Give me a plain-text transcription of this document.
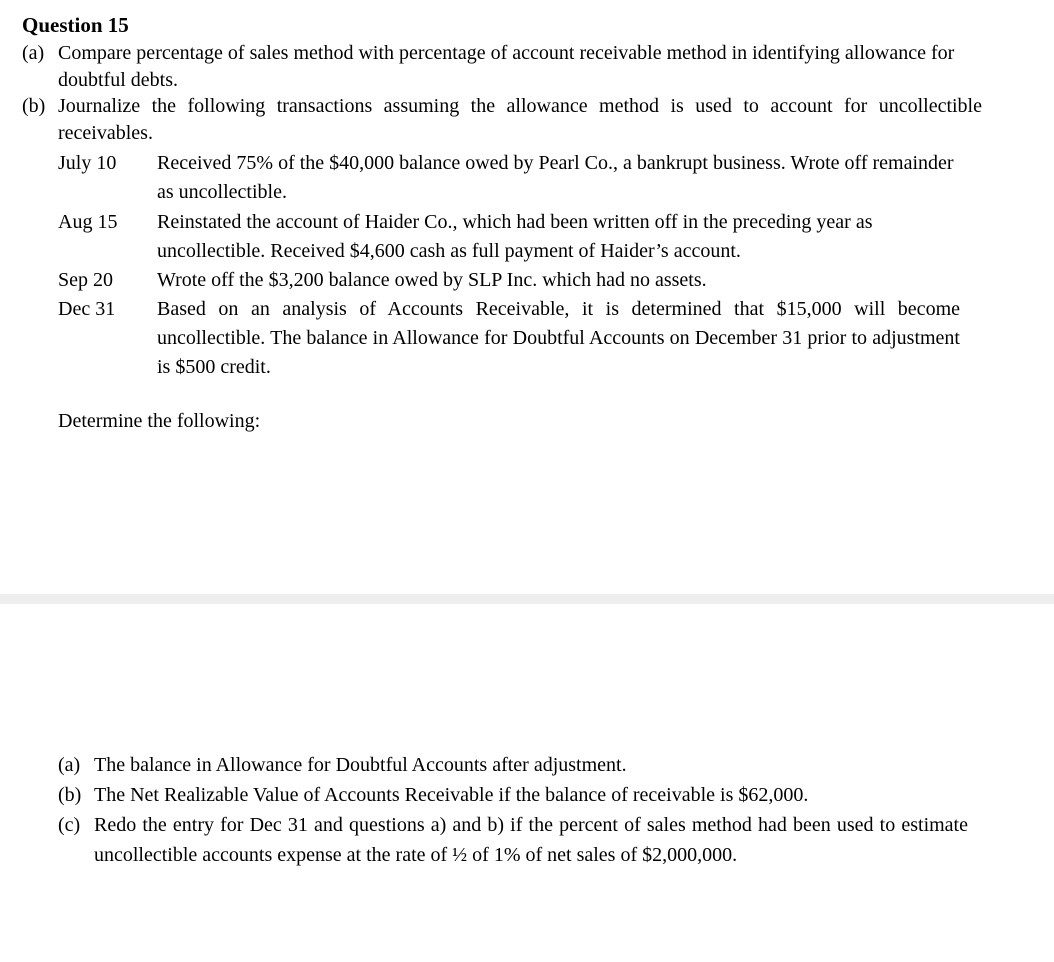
Question 15
(a) Compare percentage of sales method with percentage of account receivable method in identifying allowance for doubtful debts.
(b) Journalize the following transactions assuming the allowance method is used to account for uncollectible receivables.
July 10 Received 75% of the $40,000 balance owed by Pearl Co., a bankrupt business. Wrote off remainder as uncollectible.
Aug 15 Reinstated the account of Haider Co., which had been written off in the preceding year as uncollectible. Received $4,600 cash as full payment of Haider’s account.
Sep 20 Wrote off the $3,200 balance owed by SLP Inc. which had no assets.
Dec 31 Based on an analysis of Accounts Receivable, it is determined that $15,000 will become uncollectible. The balance in Allowance for Doubtful Accounts on December 31 prior to adjustment is $500 credit.
Determine the following:
(a) The balance in Allowance for Doubtful Accounts after adjustment.
(b) The Net Realizable Value of Accounts Receivable if the balance of receivable is $62,000.
(c) Redo the entry for Dec 31 and questions a) and b) if the percent of sales method had been used to estimate uncollectible accounts expense at the rate of ½ of 1% of net sales of $2,000,000.
